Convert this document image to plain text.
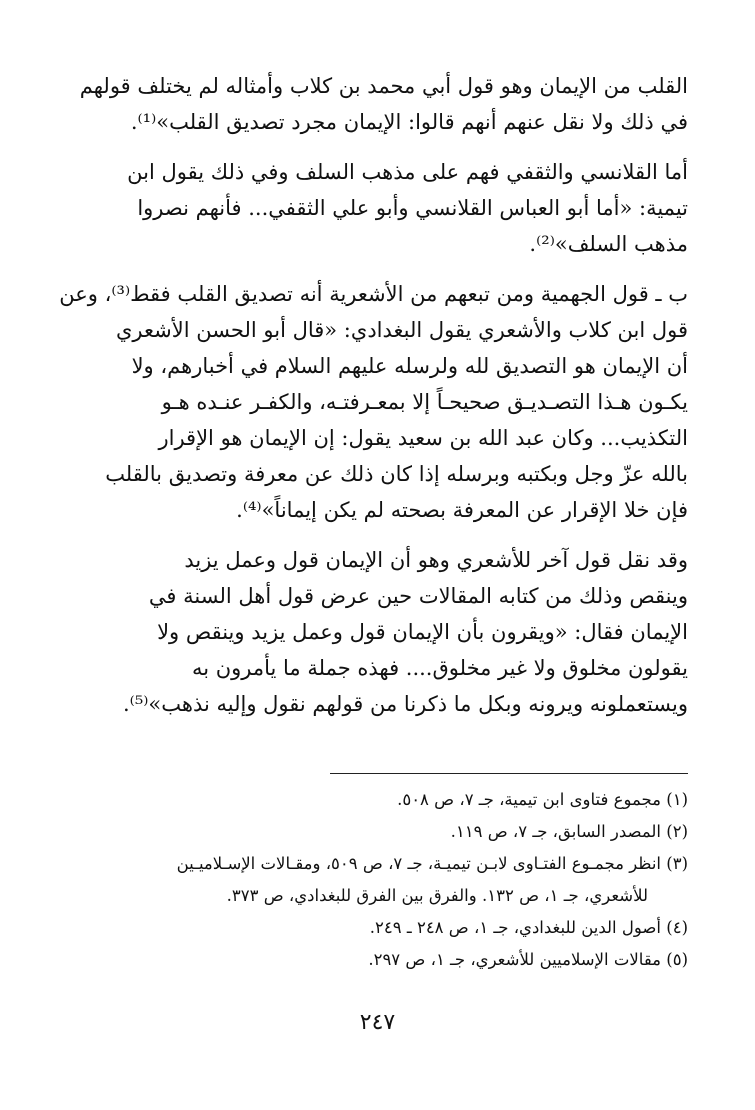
القلب من الإيمان وهو قول أبي محمد بن كلاب وأمثاله لم يختلف قولهم
في ذلك ولا نقل عنهم أنهم قالوا: الإيمان مجرد تصديق القلب»⁽¹⁾.
أما القلانسي والثقفي فهم على مذهب السلف وفي ذلك يقول ابن
تيمية: «أما أبو العباس القلانسي وأبو علي الثقفي... فأنهم نصروا
مذهب السلف»⁽²⁾.
ب ـ قول الجهمية ومن تبعهم من الأشعرية أنه تصديق القلب فقط⁽³⁾، وعن
قول ابن كلاب والأشعري يقول البغدادي: «قال أبو الحسن الأشعري
أن الإيمان هو التصديق لله ولرسله عليهم السلام في أخبارهم، ولا
يكـون هـذا التصـديـق صحيحـاً إلا بمعـرفتـه، والكفـر عنـده هـو
التكذيب... وكان عبد الله بن سعيد يقول: إن الإيمان هو الإقرار
بالله عزّ وجل وبكتبه وبرسله إذا كان ذلك عن معرفة وتصديق بالقلب
فإن خلا الإقرار عن المعرفة بصحته لم يكن إيماناً»⁽⁴⁾.
وقد نقل قول آخر للأشعري وهو أن الإيمان قول وعمل يزيد
وينقص وذلك من كتابه المقالات حين عرض قول أهل السنة في
الإيمان فقال: «ويقرون بأن الإيمان قول وعمل يزيد وينقص ولا
يقولون مخلوق ولا غير مخلوق.... فهذه جملة ما يأمرون به
ويستعملونه ويرونه وبكل ما ذكرنا من قولهم نقول وإليه نذهب»⁽⁵⁾.
(١) مجموع فتاوى ابن تيمية، جـ ٧، ص ٥٠٨.
(٢) المصدر السابق، جـ ٧، ص ١١٩.
(٣) انظر مجمـوع الفتـاوى لابـن تيميـة، جـ ٧، ص ٥٠٩، ومقـالات الإسـلاميـين
للأشعري، جـ ١، ص ١٣٢. والفرق بين الفرق للبغدادي، ص ٣٧٣.
(٤) أصول الدين للبغدادي، جـ ١، ص ٢٤٨ ـ ٢٤٩.
(٥) مقالات الإسلاميين للأشعري، جـ ١، ص ٢٩٧.
٢٤٧
